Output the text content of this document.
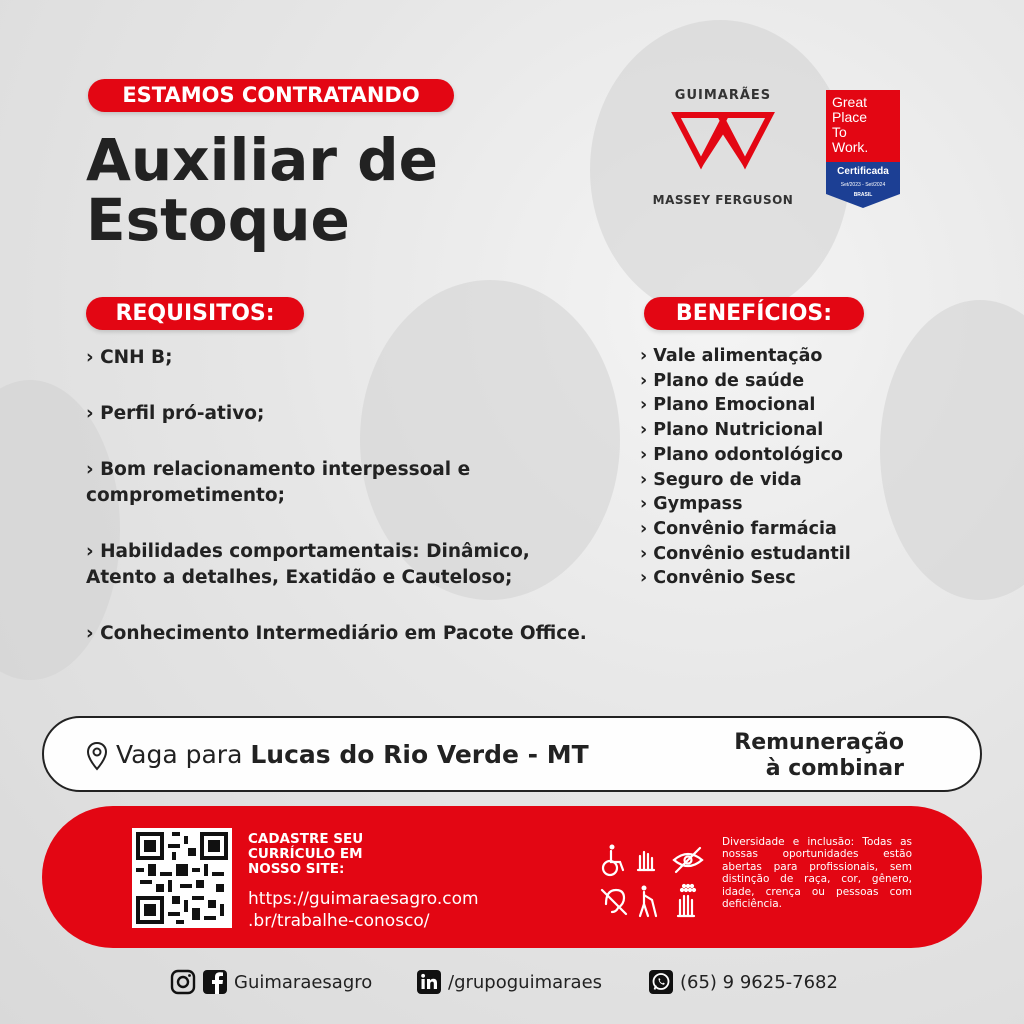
ESTAMOS CONTRATANDO
Auxiliar de
Estoque
GUIMARÃES
MASSEY FERGUSON
Great
Place
To
Work.
Certificada
Set/2023 - Set/2024
BRASIL
REQUISITOS:
› CNH B;
› Perfil pró-ativo;
› Bom relacionamento interpessoal e comprometimento;
› Habilidades comportamentais: Dinâmico, Atento a detalhes, Exatidão e Cauteloso;
› Conhecimento Intermediário em Pacote Office.
BENEFÍCIOS:
› Vale alimentação
› Plano de saúde
› Plano Emocional
› Plano Nutricional
› Plano odontológico
› Seguro de vida
› Gympass
› Convênio farmácia
› Convênio estudantil
› Convênio Sesc
Vaga para Lucas do Rio Verde - MT	Remuneração
à combinar
CADASTRE SEU
CURRÍCULO EM
NOSSO SITE:
https://guimaraesagro.com
.br/trabalhe-conosco/
Diversidade e inclusão: Todas as nossas oportunidades estão abertas para profissionais, sem distinção de raça, cor, gênero, idade, crença ou pessoas com deficiência.
Guimaraesagro	/grupoguimaraes	(65) 9 9625-7682
